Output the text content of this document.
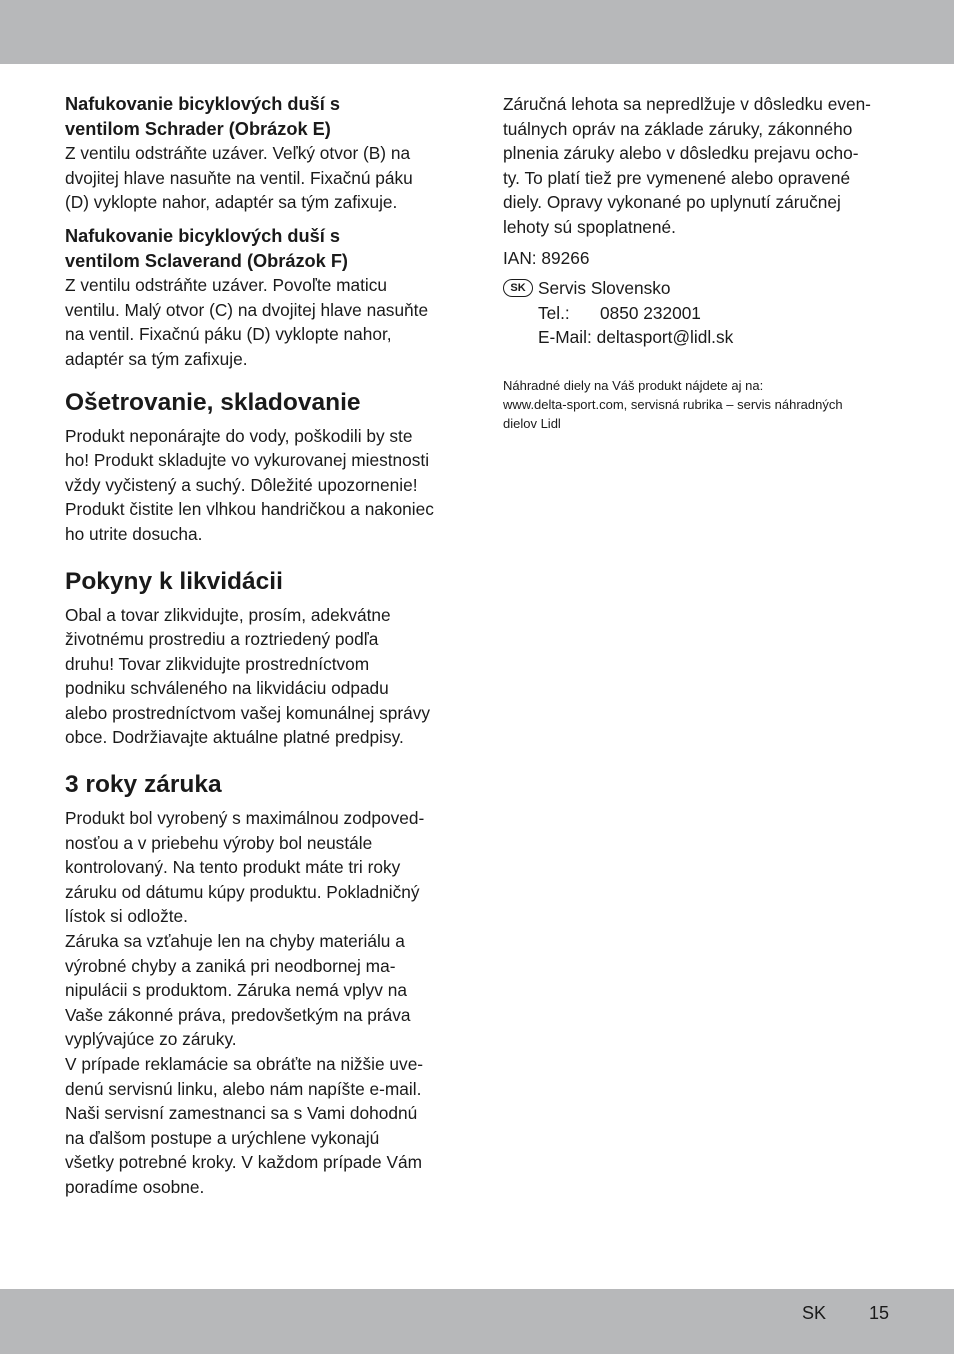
Nafukovanie bicyklových duší s
ventilom Schrader (Obrázok E)

Z ventilu odstráňte uzáver. Veľký otvor (B) na
dvojitej hlave nasuňte na ventil. Fixačnú páku
(D) vyklopte nahor, adaptér sa tým zafixuje.

Nafukovanie bicyklových duší s
ventilom Sclaverand (Obrázok F)

Z ventilu odstráňte uzáver. Povoľte maticu
ventilu. Malý otvor (C) na dvojitej hlave nasuňte
na ventil. Fixačnú páku (D) vyklopte nahor,
adaptér sa tým zafixuje.

Ošetrovanie, skladovanie

Produkt neponárajte do vody, poškodili by ste
ho! Produkt skladujte vo vykurovanej miestnosti
vždy vyčistený a suchý. Dôležité upozornenie!
Produkt čistite len vlhkou handričkou a nakoniec
ho utrite dosucha.

Pokyny k likvidácii

Obal a tovar zlikvidujte, prosím, adekvátne
životnému prostrediu a roztriedený podľa
druhu! Tovar zlikvidujte prostredníctvom
podniku schváleného na likvidáciu odpadu
alebo prostredníctvom vašej komunálnej správy
obce. Dodržiavajte aktuálne platné predpisy.

3 roky záruka

Produkt bol vyrobený s maximálnou zodpoved-
nosťou a v priebehu výroby bol neustále
kontrolovaný. Na tento produkt máte tri roky
záruku od dátumu kúpy produktu. Pokladničný
lístok si odložte.
Záruka sa vzťahuje len na chyby materiálu a
výrobné chyby a zaniká pri neodbornej ma-
nipulácii s produktom. Záruka nemá vplyv na
Vaše zákonné práva, predovšetkým na práva
vyplývajúce zo záruky.
V prípade reklamácie sa obráťte na nižšie uve-
denú servisnú linku, alebo nám napíšte e-mail.
Naši servisní zamestnanci sa s Vami dohodnú
na ďalšom postupe a urýchlene vykonajú
všetky potrebné kroky. V každom prípade Vám
poradíme osobne.

Záručná lehota sa nepredlžuje v dôsledku even-
tuálnych opráv na základe záruky, zákonného
plnenia záruky alebo v dôsledku prejavu ocho-
ty. To platí tiež pre vymenené alebo opravené
diely. Opravy vykonané po uplynutí záručnej
lehoty sú spoplatnené.

IAN: 89266

SK Servis Slovensko

Tel.: 0850 232001

E-Mail: deltasport@lidl.sk

Náhradné diely na Váš produkt nájdete aj na:
www.delta-sport.com, servisná rubrika – servis náhradných
dielov Lidl

SK 15
